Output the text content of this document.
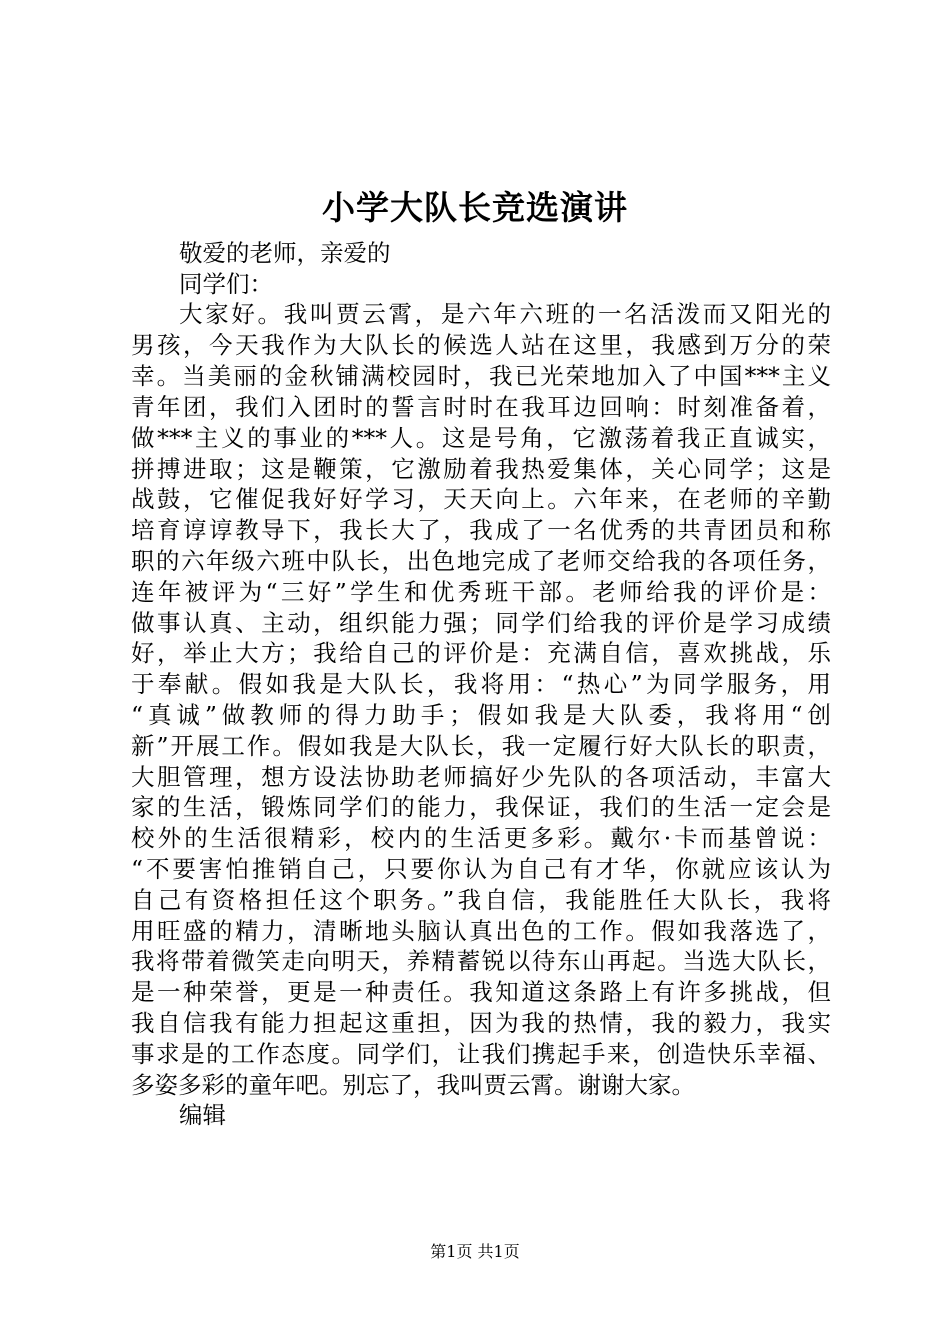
小学大队长竞选演讲
敬爱的老师，亲爱的
同学们：
大家好。我叫贾云霄，是六年六班的一名活泼而又阳光的
男孩，今天我作为大队长的候选人站在这里，我感到万分的荣
幸。当美丽的金秋铺满校园时，我已光荣地加入了中国***主义
青年团，我们入团时的誓言时时在我耳边回响：时刻准备着，
做***主义的事业的***人。这是号角，它激荡着我正直诚实，
拼搏进取；这是鞭策，它激励着我热爱集体，关心同学；这是
战鼓，它催促我好好学习，天天向上。六年来，在老师的辛勤
培育谆谆教导下，我长大了，我成了一名优秀的共青团员和称
职的六年级六班中队长，出色地完成了老师交给我的各项任务，
连年被评为“三好”学生和优秀班干部。老师给我的评价是：
做事认真、主动，组织能力强；同学们给我的评价是学习成绩
好，举止大方；我给自己的评价是：充满自信，喜欢挑战，乐
于奉献。假如我是大队长，我将用：“热心”为同学服务，用
“真诚”做教师的得力助手；假如我是大队委，我将用“创
新”开展工作。假如我是大队长，我一定履行好大队长的职责，
大胆管理，想方设法协助老师搞好少先队的各项活动，丰富大
家的生活，锻炼同学们的能力，我保证，我们的生活一定会是
校外的生活很精彩，校内的生活更多彩。戴尔·卡而基曾说：
“不要害怕推销自己，只要你认为自己有才华，你就应该认为
自己有资格担任这个职务。”我自信，我能胜任大队长，我将
用旺盛的精力，清晰地头脑认真出色的工作。假如我落选了，
我将带着微笑走向明天，养精蓄锐以待东山再起。当选大队长，
是一种荣誉，更是一种责任。我知道这条路上有许多挑战，但
我自信我有能力担起这重担，因为我的热情，我的毅力，我实
事求是的工作态度。同学们，让我们携起手来，创造快乐幸福、
多姿多彩的童年吧。别忘了，我叫贾云霄。谢谢大家。
编辑
第1页 共1页
